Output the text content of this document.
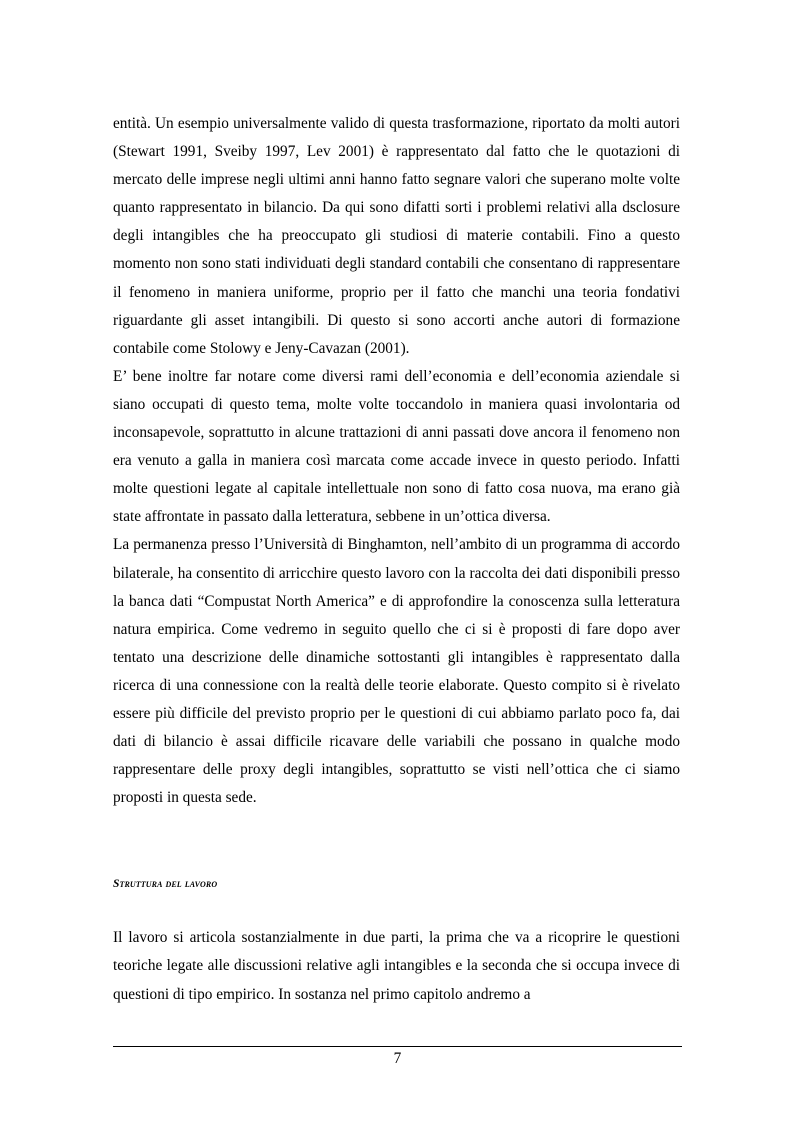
entità. Un esempio universalmente valido di questa trasformazione, riportato da molti autori (Stewart 1991, Sveiby 1997, Lev 2001) è rappresentato dal fatto che le quotazioni di mercato delle imprese negli ultimi anni hanno fatto segnare valori che superano molte volte quanto rappresentato in bilancio. Da qui sono difatti sorti i problemi relativi alla dsclosure degli intangibles che ha preoccupato gli studiosi di materie contabili. Fino a questo momento non sono stati individuati degli standard contabili che consentano di rappresentare il fenomeno in maniera uniforme, proprio per il fatto che manchi una teoria fondativi riguardante gli asset intangibili. Di questo si sono accorti anche autori di formazione contabile come Stolowy e Jeny-Cavazan (2001).

E’ bene inoltre far notare come diversi rami dell’economia e dell’economia aziendale si siano occupati di questo tema, molte volte toccandolo in maniera quasi involontaria od inconsapevole, soprattutto in alcune trattazioni di anni passati dove ancora il fenomeno non era venuto a galla in maniera così marcata come accade invece in questo periodo. Infatti molte questioni legate al capitale intellettuale non sono di fatto cosa nuova, ma erano già state affrontate in passato dalla letteratura, sebbene in un’ottica diversa.

La permanenza presso l’Università di Binghamton, nell’ambito di un programma di accordo bilaterale, ha consentito di arricchire questo lavoro con la raccolta dei dati disponibili presso la banca dati “Compustat North America” e di approfondire la conoscenza sulla letteratura natura empirica. Come vedremo in seguito quello che ci si è proposti di fare dopo aver tentato una descrizione delle dinamiche sottostanti gli intangibles è rappresentato dalla ricerca di una connessione con la realtà delle teorie elaborate. Questo compito si è rivelato essere più difficile del previsto proprio per le questioni di cui abbiamo parlato poco fa, dai dati di bilancio è assai difficile ricavare delle variabili che possano in qualche modo rappresentare delle proxy degli intangibles, soprattutto se visti nell’ottica che ci siamo proposti in questa sede.

Struttura del lavoro

Il lavoro si articola sostanzialmente in due parti, la prima che va a ricoprire le questioni teoriche legate alle discussioni relative agli intangibles e la seconda che si occupa invece di questioni di tipo empirico. In sostanza nel primo capitolo andremo a

7
